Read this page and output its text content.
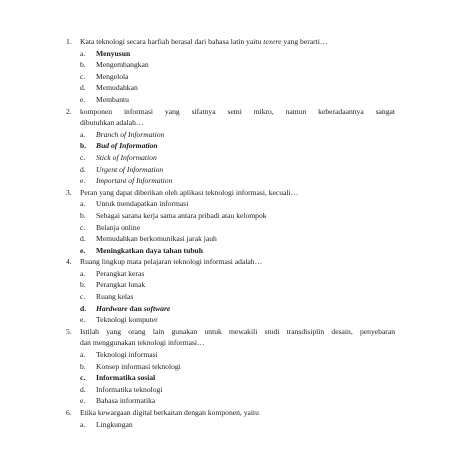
1.	Kata teknologi secara harfiah berasal dari bahasa latin yaitu texere yang berarti…
a.	Menyusun
b.	Mengembangkan
c.	Mengelola
d.	Memudahkan
e.	Membantu
2.	komponen informasi yang sifatnya semi mikro, namun keberadaannya sangat
dibutuhkan adalah…
a.	Branch of Information
b.	Bud of Information
c.	Stick of Information
d.	Urgent of Information
e.	Important of Information
3.	Peran yang dapat diberikan oleh aplikasi teknologi informasi, kecuali…
a.	Untuk mendapatkan informasi
b.	Sebagai sarana kerja sama antara pribadi atau kelompok
c.	Belanja online
d.	Memudahkan berkomunikasi jarak jauh
e.	Meningkatkan daya tahan tubuh
4.	Ruang lingkup mata pelajaran teknologi informasi adalah…
a.	Perangkat keras
b.	Perangkat lunak
c.	Ruang kelas
d.	Hardware dan software
e.	Teknologi komputer
5.	Istilah yang orang lain gunakan untuk mewakili studi transdisiplin desain, penyebaran
dan menggunakan teknologi informasi…
a.	Teknologi informasi
b.	Konsep informasi teknologi
c.	Informatika sosial
d.	Informatika teknologi
e.	Bahasa informatika
6.	Etika kewargaan digital berkaitan dengan komponen, yaitu
a.	Lingkungan
